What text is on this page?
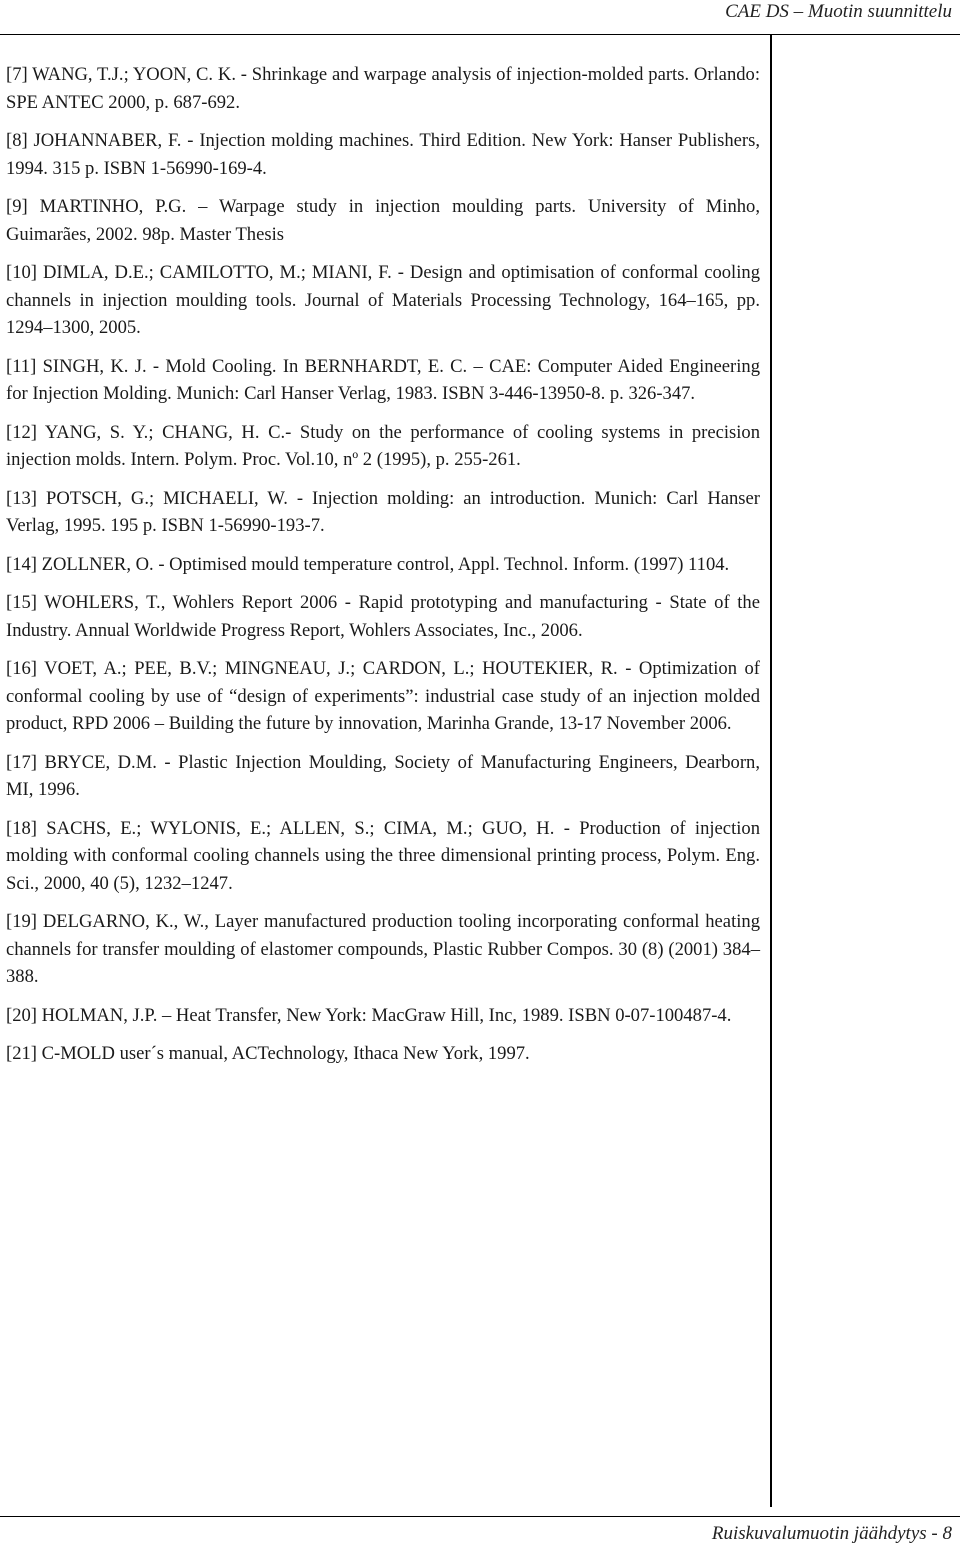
CAE DS – Muotin suunnittelu

[7] WANG, T.J.; YOON, C. K. - Shrinkage and warpage analysis of injection-molded parts. Orlando: SPE ANTEC 2000, p. 687-692.

[8] JOHANNABER, F. - Injection molding machines. Third Edition. New York: Hanser Publishers, 1994. 315 p. ISBN 1-56990-169-4.

[9] MARTINHO, P.G. – Warpage study in injection moulding parts. University of Minho, Guimarães, 2002. 98p. Master Thesis

[10] DIMLA, D.E.; CAMILOTTO, M.; MIANI, F. - Design and optimisation of conformal cooling channels in injection moulding tools. Journal of Materials Processing Technology, 164–165, pp. 1294–1300, 2005.

[11] SINGH, K. J. - Mold Cooling. In BERNHARDT, E. C. – CAE: Computer Aided Engineering for Injection Molding. Munich: Carl Hanser Verlag, 1983. ISBN 3-446-13950-8. p. 326-347.

[12] YANG, S. Y.; CHANG, H. C.- Study on the performance of cooling systems in precision injection molds. Intern. Polym. Proc. Vol.10, nº 2 (1995), p. 255-261.

[13] POTSCH, G.; MICHAELI, W. - Injection molding: an introduction. Munich: Carl Hanser Verlag, 1995. 195 p. ISBN 1-56990-193-7.

[14] ZOLLNER, O. - Optimised mould temperature control, Appl. Technol. Inform. (1997) 1104.

[15] WOHLERS, T., Wohlers Report 2006 - Rapid prototyping and manufacturing - State of the Industry. Annual Worldwide Progress Report, Wohlers Associates, Inc., 2006.

[16] VOET, A.; PEE, B.V.; MINGNEAU, J.; CARDON, L.; HOUTEKIER, R. - Optimization of conformal cooling by use of “design of experiments”: industrial case study of an injection molded product, RPD 2006 – Building the future by innovation, Marinha Grande, 13-17 November 2006.

[17] BRYCE, D.M. - Plastic Injection Moulding, Society of Manufacturing Engineers, Dearborn, MI, 1996.

[18] SACHS, E.; WYLONIS, E.; ALLEN, S.; CIMA, M.; GUO, H. - Production of injection molding with conformal cooling channels using the three dimensional printing process, Polym. Eng. Sci., 2000, 40 (5), 1232–1247.

[19] DELGARNO, K., W., Layer manufactured production tooling incorporating conformal heating channels for transfer moulding of elastomer compounds, Plastic Rubber Compos. 30 (8) (2001) 384–388.

[20] HOLMAN, J.P. – Heat Transfer, New York: MacGraw Hill, Inc, 1989. ISBN 0-07-100487-4.

[21] C-MOLD user´s manual, ACTechnology, Ithaca New York, 1997.

Ruiskuvalumuotin jäähdytys - 8
